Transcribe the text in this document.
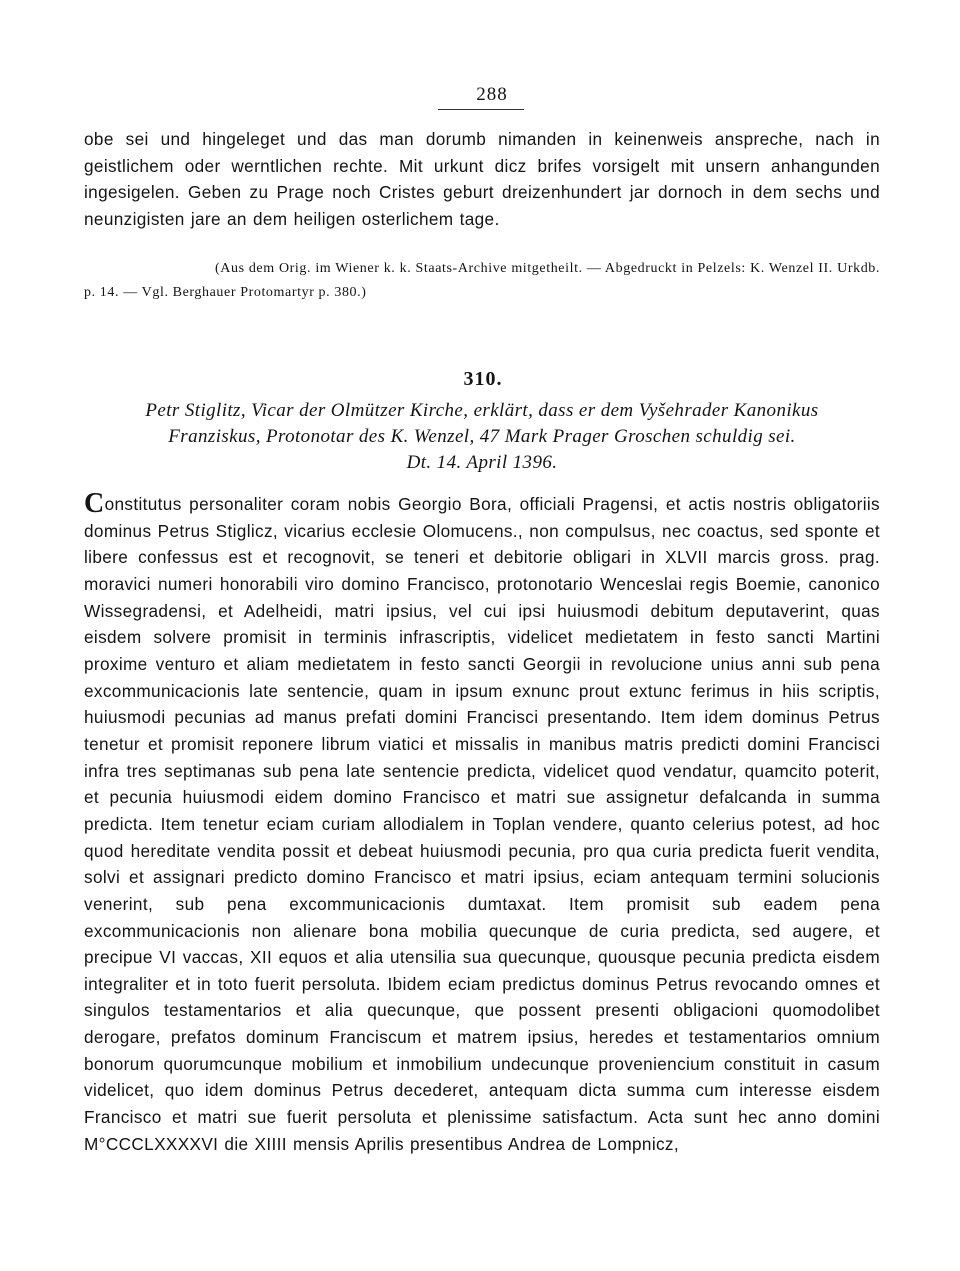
288

obe sei und hingeleget und das man dorumb nimanden in keinenweis anspreche, nach in geistlichem oder werntlichen rechte. Mit urkunt dicz brifes vorsigelt mit unsern anhangunden ingesigelen. Geben zu Prage noch Cristes geburt dreizenhundert jar dornoch in dem sechs und neunzigisten jare an dem heiligen osterlichem tage.

(Aus dem Orig. im Wiener k. k. Staats-Archive mitgetheilt. — Abgedruckt in Pelzels: K. Wenzel II. Urkdb. p. 14. — Vgl. Berghauer Protomartyr p. 380.)

310.
Petr Stiglitz, Vicar der Olmützer Kirche, erklärt, dass er dem Vyšehrader Kanonikus
Franziskus, Protonotar des K. Wenzel, 47 Mark Prager Groschen schuldig sei.
Dt. 14. April 1396.

Constitutus personaliter coram nobis Georgio Bora, officiali Pragensi, et actis nostris obligatoriis dominus Petrus Stiglicz, vicarius ecclesie Olomucens., non compulsus, nec coactus, sed sponte et libere confessus est et recognovit, se teneri et debitorie obligari in XLVII marcis gross. prag. moravici numeri honorabili viro domino Francisco, protonotario Wenceslai regis Boemie, canonico Wissegradensi, et Adelheidi, matri ipsius, vel cui ipsi huiusmodi debitum deputaverint, quas eisdem solvere promisit in terminis infrascriptis, videlicet medietatem in festo sancti Martini proxime venturo et aliam medietatem in festo sancti Georgii in revolucione unius anni sub pena excommunicacionis late sentencie, quam in ipsum exnunc prout extunc ferimus in hiis scriptis, huiusmodi pecunias ad manus prefati domini Francisci presentando. Item idem dominus Petrus tenetur et promisit reponere librum viatici et missalis in manibus matris predicti domini Francisci infra tres septimanas sub pena late sentencie predicta, videlicet quod vendatur, quamcito poterit, et pecunia huiusmodi eidem domino Francisco et matri sue assignetur defalcanda in summa predicta. Item tenetur eciam curiam allodialem in Toplan vendere, quanto celerius potest, ad hoc quod hereditate vendita possit et debeat huiusmodi pecunia, pro qua curia predicta fuerit vendita, solvi et assignari predicto domino Francisco et matri ipsius, eciam antequam termini solucionis venerint, sub pena excommunicacionis dumtaxat. Item promisit sub eadem pena excommunicacionis non alienare bona mobilia quecunque de curia predicta, sed augere, et precipue VI vaccas, XII equos et alia utensilia sua quecunque, quousque pecunia predicta eisdem integraliter et in toto fuerit persoluta. Ibidem eciam predictus dominus Petrus revocando omnes et singulos testamentarios et alia quecunque, que possent presenti obligacioni quomodolibet derogare, prefatos dominum Franciscum et matrem ipsius, heredes et testamentarios omnium bonorum quorumcunque mobilium et inmobilium undecunque proveniencium constituit in casum videlicet, quo idem dominus Petrus decederet, antequam dicta summa cum interesse eisdem Francisco et matri sue fuerit persoluta et plenissime satisfactum. Acta sunt hec anno domini M°CCCLXXXXVI die XIIII mensis Aprilis presentibus Andrea de Lompnicz,
